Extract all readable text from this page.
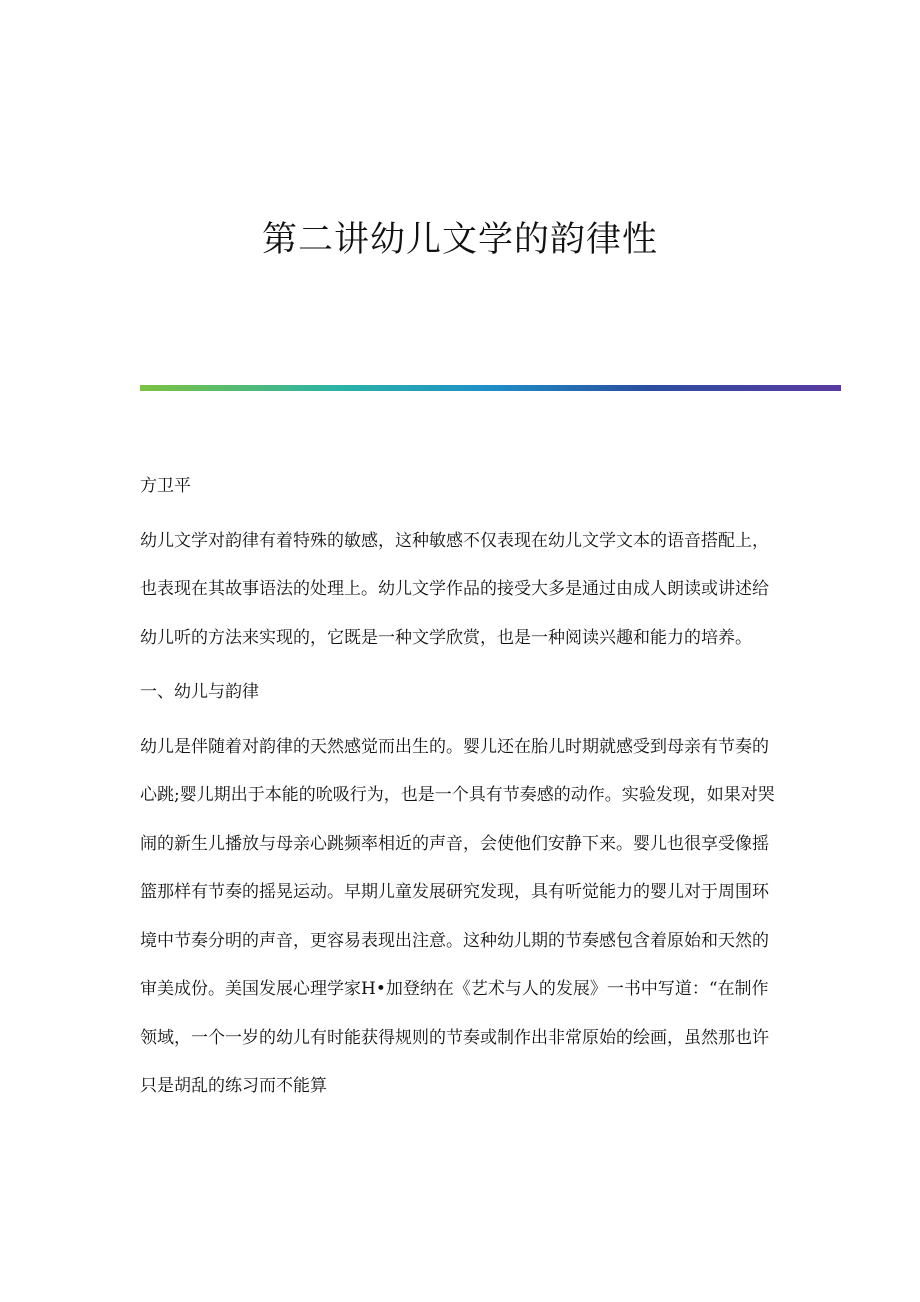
第二讲幼儿文学的韵律性

方卫平

幼儿文学对韵律有着特殊的敏感，这种敏感不仅表现在幼儿文学文本的语音搭配上，也表现在其故事语法的处理上。幼儿文学作品的接受大多是通过由成人朗读或讲述给幼儿听的方法来实现的，它既是一种文学欣赏，也是一种阅读兴趣和能力的培养。

一、幼儿与韵律

幼儿是伴随着对韵律的天然感觉而出生的。婴儿还在胎儿时期就感受到母亲有节奏的心跳;婴儿期出于本能的吮吸行为，也是一个具有节奏感的动作。实验发现，如果对哭闹的新生儿播放与母亲心跳频率相近的声音，会使他们安静下来。婴儿也很享受像摇篮那样有节奏的摇晃运动。早期儿童发展研究发现，具有听觉能力的婴儿对于周围环境中节奏分明的声音，更容易表现出注意。这种幼儿期的节奏感包含着原始和天然的审美成份。美国发展心理学家H•加登纳在《艺术与人的发展》一书中写道：“在制作领域，一个一岁的幼儿有时能获得规则的节奏或制作出非常原始的绘画，虽然那也许只是胡乱的练习而不能算
